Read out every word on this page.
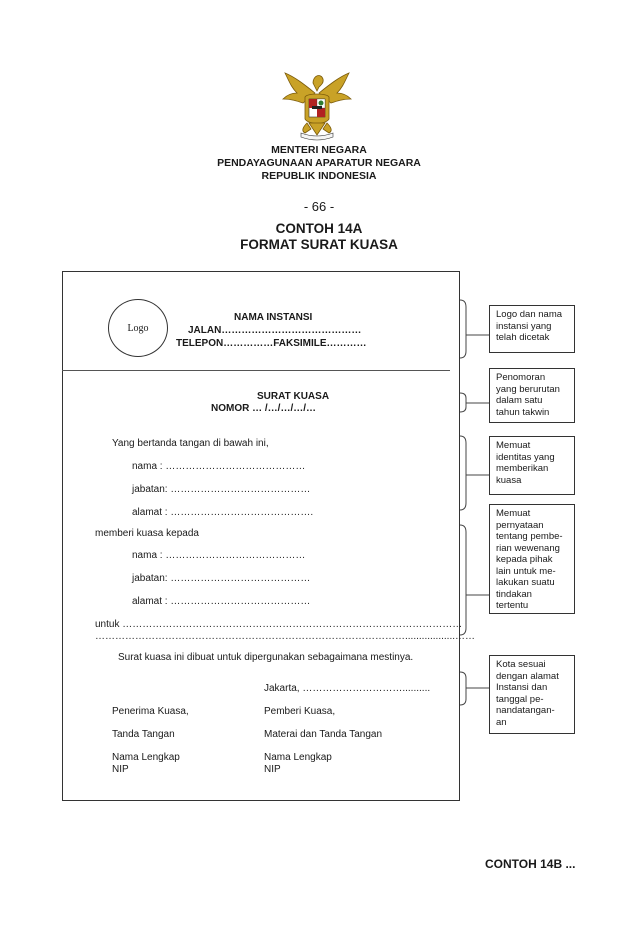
MENTERI NEGARA
PENDAYAGUNAAN APARATUR NEGARA
REPUBLIK INDONESIA
- 66 -
CONTOH 14A
FORMAT SURAT KUASA
Logo
NAMA INSTANSI
JALAN……………………………………
TELEPON……………FAKSIMILE…………
SURAT KUASA
NOMOR … /…/…/…/…
Yang bertanda tangan di bawah ini,
nama : ……………………………………
jabatan: ……………………………………
alamat : …………………………………….
memberi kuasa kepada
nama : ……………………………………
jabatan: ……………………………………
alamat : ……………………………………
untuk …………………………………………………………………………………………
…………………………………………………………………………………..................……
Surat kuasa ini dibuat untuk dipergunakan sebagaimana mestinya.
Jakarta, …………………………..........
Penerima Kuasa,	Pemberi Kuasa,
Tanda Tangan	Materai dan Tanda Tangan
Nama Lengkap
NIP
Nama Lengkap
NIP
Logo dan nama
instansi yang
telah dicetak
Penomoran
yang berurutan
dalam satu
tahun takwin
Memuat
identitas yang
memberikan
kuasa
Memuat
pernyataan
tentang pembe-
rian wewenang
kepada pihak
lain untuk me-
lakukan suatu
tindakan
tertentu
Kota sesuai
dengan alamat
Instansi dan
tanggal pe-
nandatangan-
an
CONTOH 14B ...
